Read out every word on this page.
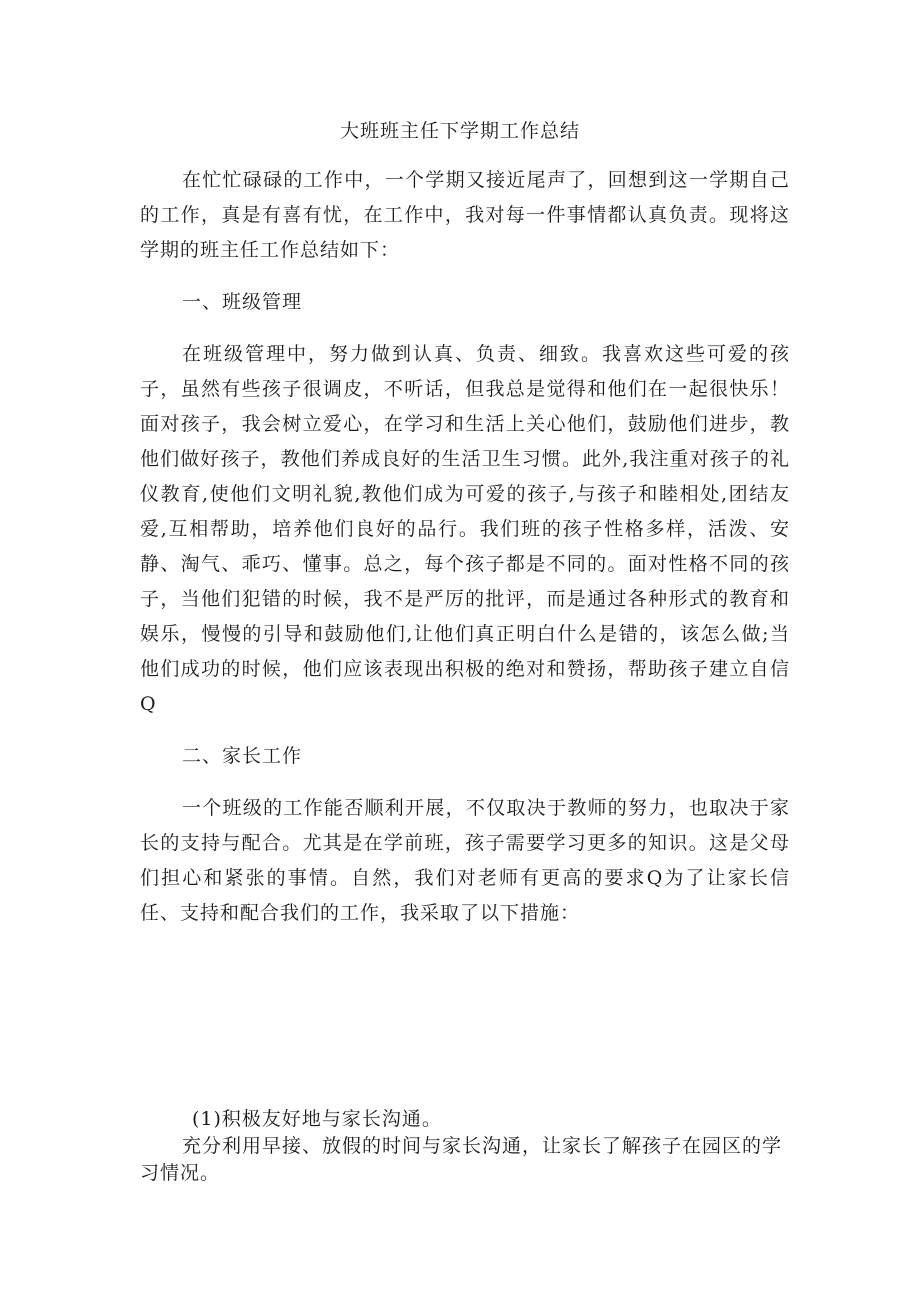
大班班主任下学期工作总结

在忙忙碌碌的工作中，一个学期又接近尾声了，回想到这一学期自己的工作，真是有喜有忧，在工作中，我对每一件事情都认真负责。现将这学期的班主任工作总结如下：

一、班级管理

在班级管理中，努力做到认真、负责、细致。我喜欢这些可爱的孩子，虽然有些孩子很调皮，不听话，但我总是觉得和他们在一起很快乐！面对孩子，我会树立爱心，在学习和生活上关心他们，鼓励他们进步，教他们做好孩子，教他们养成良好的生活卫生习惯。此外,我注重对孩子的礼仪教育,使他们文明礼貌,教他们成为可爱的孩子,与孩子和睦相处,团结友爱,互相帮助，培养他们良好的品行。我们班的孩子性格多样，活泼、安静、淘气、乖巧、懂事。总之，每个孩子都是不同的。面对性格不同的孩子，当他们犯错的时候，我不是严厉的批评，而是通过各种形式的教育和娱乐，慢慢的引导和鼓励他们,让他们真正明白什么是错的，该怎么做;当他们成功的时候，他们应该表现出积极的绝对和赞扬，帮助孩子建立自信Q

二、家长工作

一个班级的工作能否顺利开展，不仅取决于教师的努力，也取决于家长的支持与配合。尤其是在学前班，孩子需要学习更多的知识。这是父母们担心和紧张的事情。自然，我们对老师有更高的要求Q为了让家长信任、支持和配合我们的工作，我采取了以下措施：

(1)积极友好地与家长沟通。

充分利用早接、放假的时间与家长沟通，让家长了解孩子在园区的学习情况。
